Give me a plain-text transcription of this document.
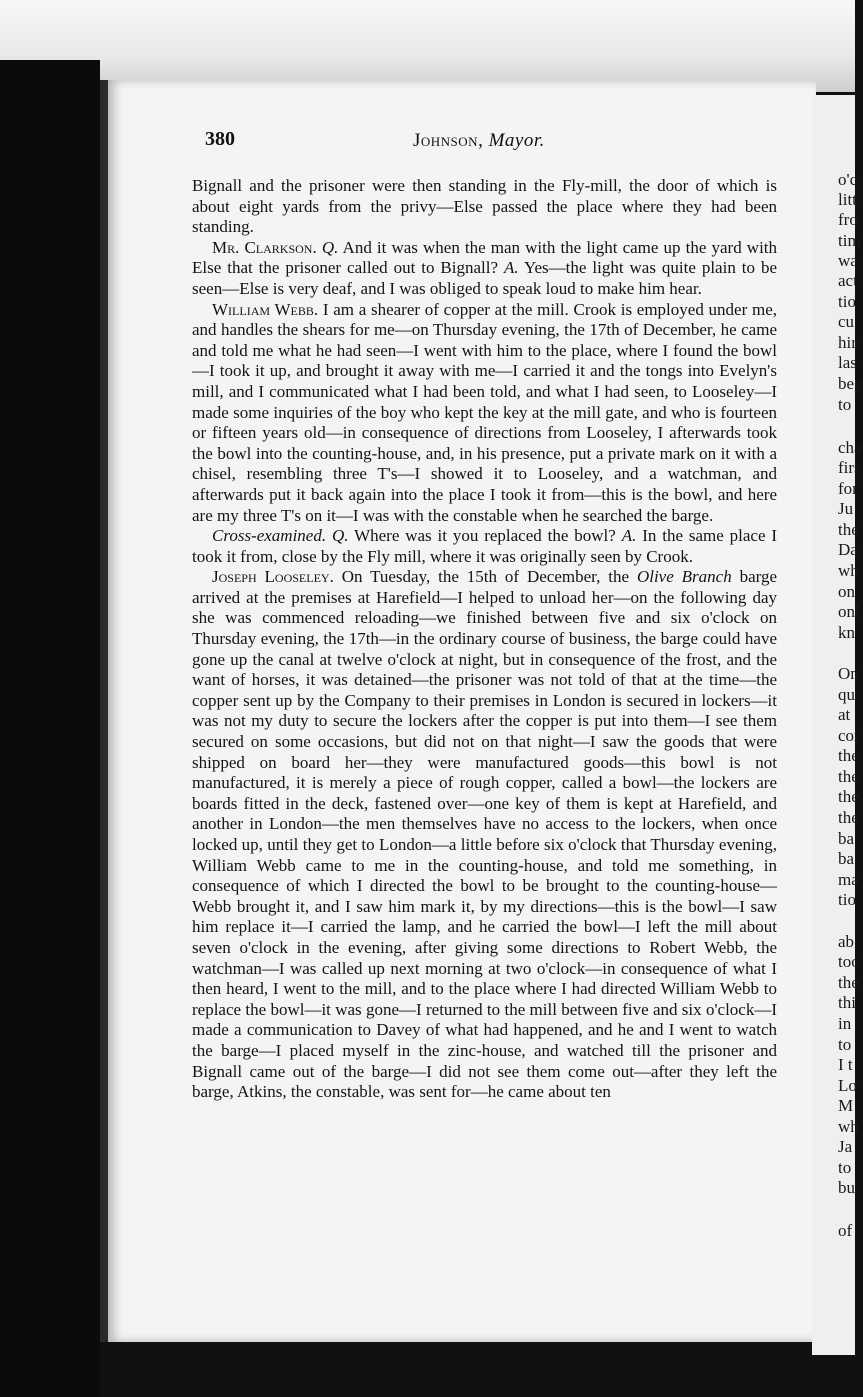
o'c
litt
fro
tim
wa
act
tio
cu
hir
las
beg
to
cha
firs
for
Ju
the
Da
wh
on
onl
kn
On
qu
at
cor
the
the
the
the
ba
ba
ma
tio
ab
too
the
thi
in
to
I t
Lo
M
wh
Ja
to
bu
of
380	Johnson, Mayor.

Bignall and the prisoner were then standing in the Fly-mill, the door of which is about eight yards from the privy—Else passed the place where they had been standing.

Mr. Clarkson. Q. And it was when the man with the light came up the yard with Else that the prisoner called out to Bignall? A. Yes—the light was quite plain to be seen—Else is very deaf, and I was obliged to speak loud to make him hear.

William Webb. I am a shearer of copper at the mill. Crook is employed under me, and handles the shears for me—on Thursday evening, the 17th of December, he came and told me what he had seen—I went with him to the place, where I found the bowl—I took it up, and brought it away with me—I carried it and the tongs into Evelyn's mill, and I communicated what I had been told, and what I had seen, to Looseley—I made some inquiries of the boy who kept the key at the mill gate, and who is fourteen or fifteen years old—in consequence of directions from Looseley, I afterwards took the bowl into the counting-house, and, in his presence, put a private mark on it with a chisel, resembling three T's—I showed it to Looseley, and a watchman, and afterwards put it back again into the place I took it from—this is the bowl, and here are my three T's on it—I was with the constable when he searched the barge.

Cross-examined. Q. Where was it you replaced the bowl? A. In the same place I took it from, close by the Fly mill, where it was originally seen by Crook.

Joseph Looseley. On Tuesday, the 15th of December, the Olive Branch barge arrived at the premises at Harefield—I helped to unload her—on the following day she was commenced reloading—we finished between five and six o'clock on Thursday evening, the 17th—in the ordinary course of business, the barge could have gone up the canal at twelve o'clock at night, but in consequence of the frost, and the want of horses, it was detained—the prisoner was not told of that at the time—the copper sent up by the Company to their premises in London is secured in lockers—it was not my duty to secure the lockers after the copper is put into them—I see them secured on some occasions, but did not on that night—I saw the goods that were shipped on board her—they were manufactured goods—this bowl is not manufactured, it is merely a piece of rough copper, called a bowl—the lockers are boards fitted in the deck, fastened over—one key of them is kept at Harefield, and another in London—the men themselves have no access to the lockers, when once locked up, until they get to London—a little before six o'clock that Thursday evening, William Webb came to me in the counting-house, and told me something, in consequence of which I directed the bowl to be brought to the counting-house—Webb brought it, and I saw him mark it, by my directions—this is the bowl—I saw him replace it—I carried the lamp, and he carried the bowl—I left the mill about seven o'clock in the evening, after giving some directions to Robert Webb, the watchman—I was called up next morning at two o'clock—in consequence of what I then heard, I went to the mill, and to the place where I had directed William Webb to replace the bowl—it was gone—I returned to the mill between five and six o'clock—I made a communication to Davey of what had happened, and he and I went to watch the barge—I placed myself in the zinc-house, and watched till the prisoner and Bignall came out of the barge—I did not see them come out—after they left the barge, Atkins, the constable, was sent for—he came about ten
